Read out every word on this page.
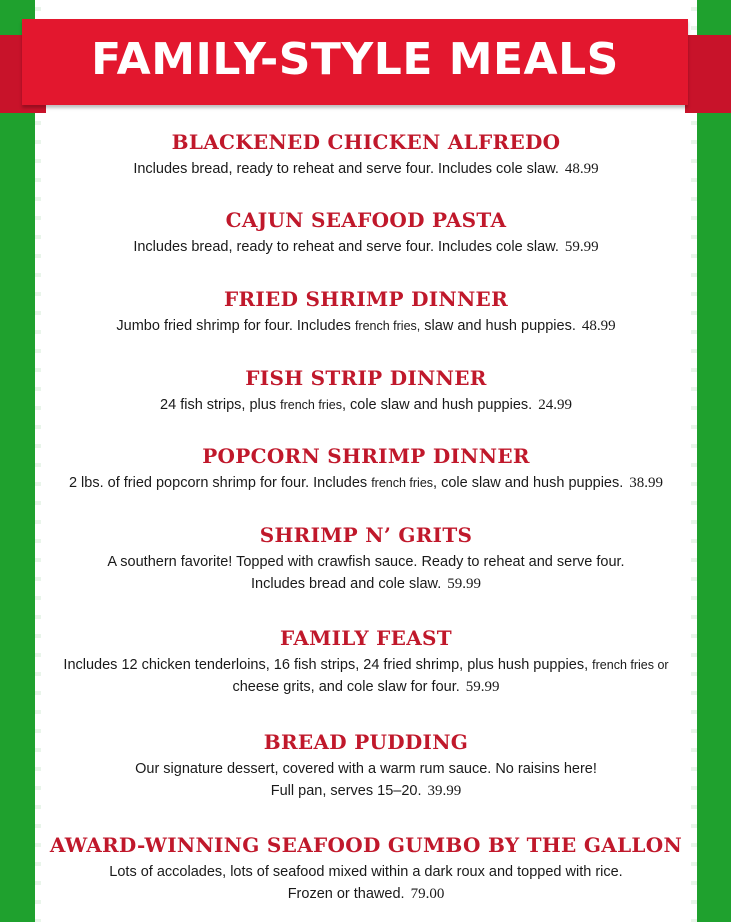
FAMILY-STYLE MEALS
BLACKENED CHICKEN ALFREDO
Includes bread, ready to reheat and serve four. Includes cole slaw. 48.99
CAJUN SEAFOOD PASTA
Includes bread, ready to reheat and serve four. Includes cole slaw. 59.99
FRIED SHRIMP DINNER
Jumbo fried shrimp for four. Includes french fries, slaw and hush puppies. 48.99
FISH STRIP DINNER
24 fish strips, plus french fries, cole slaw and hush puppies. 24.99
POPCORN SHRIMP DINNER
2 lbs. of fried popcorn shrimp for four. Includes french fries, cole slaw and hush puppies. 38.99
SHRIMP N’ GRITS
A southern favorite! Topped with crawfish sauce. Ready to reheat and serve four.
Includes bread and cole slaw. 59.99
FAMILY FEAST
Includes 12 chicken tenderloins, 16 fish strips, 24 fried shrimp, plus hush puppies, french fries or
cheese grits, and cole slaw for four. 59.99
BREAD PUDDING
Our signature dessert, covered with a warm rum sauce. No raisins here!
Full pan, serves 15–20. 39.99
AWARD-WINNING SEAFOOD GUMBO BY THE GALLON
Lots of accolades, lots of seafood mixed within a dark roux and topped with rice.
Frozen or thawed. 79.00
